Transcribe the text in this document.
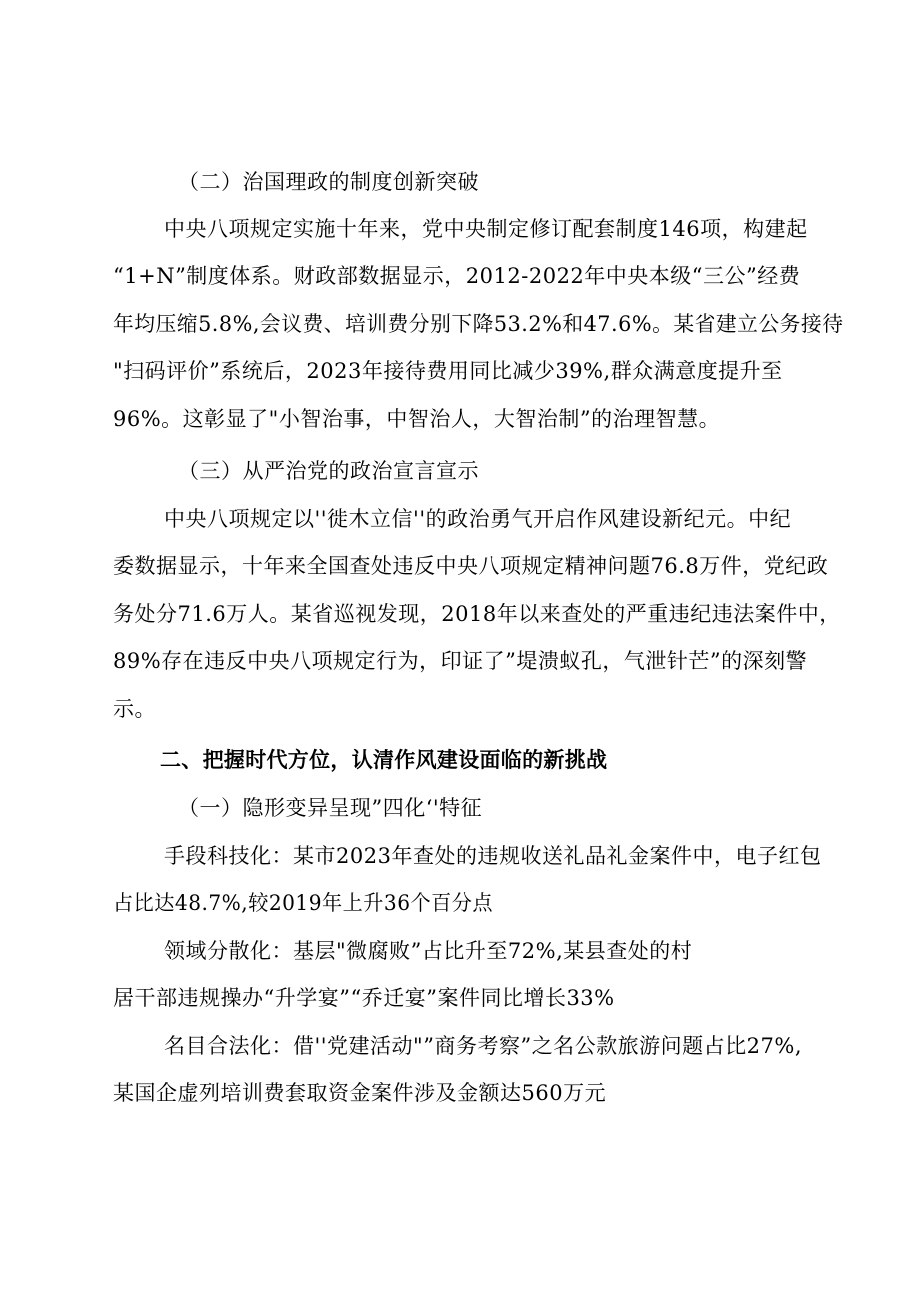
（二）治国理政的制度创新突破
中央八项规定实施十年来，党中央制定修订配套制度146项，构建起
“1+N”制度体系。财政部数据显示，2012-2022年中央本级“三公”经费
年均压缩5.8%,会议费、培训费分别下降53.2%和47.6%。某省建立公务接待
"扫码评价”系统后，2023年接待费用同比减少39%,群众满意度提升至
96%。这彰显了"小智治事，中智治人，大智治制”的治理智慧。
（三）从严治党的政治宣言宣示
中央八项规定以''徙木立信''的政治勇气开启作风建设新纪元。中纪
委数据显示，十年来全国查处违反中央八项规定精神问题76.8万件，党纪政
务处分71.6万人。某省巡视发现，2018年以来查处的严重违纪违法案件中，
89%存在违反中央八项规定行为，印证了”堤溃蚁孔，气泄针芒”的深刻警
示。
二、把握时代方位，认清作风建设面临的新挑战
（一）隐形变异呈现”四化‘'特征
手段科技化：某市2023年查处的违规收送礼品礼金案件中，电子红包
占比达48.7%,较2019年上升36个百分点
领域分散化：基层"微腐败”占比升至72%,某县查处的村
居干部违规操办“升学宴”“乔迁宴”案件同比增长33%
名目合法化：借''党建活动"”商务考察”之名公款旅游问题占比27%,
某国企虚列培训费套取资金案件涉及金额达560万元
